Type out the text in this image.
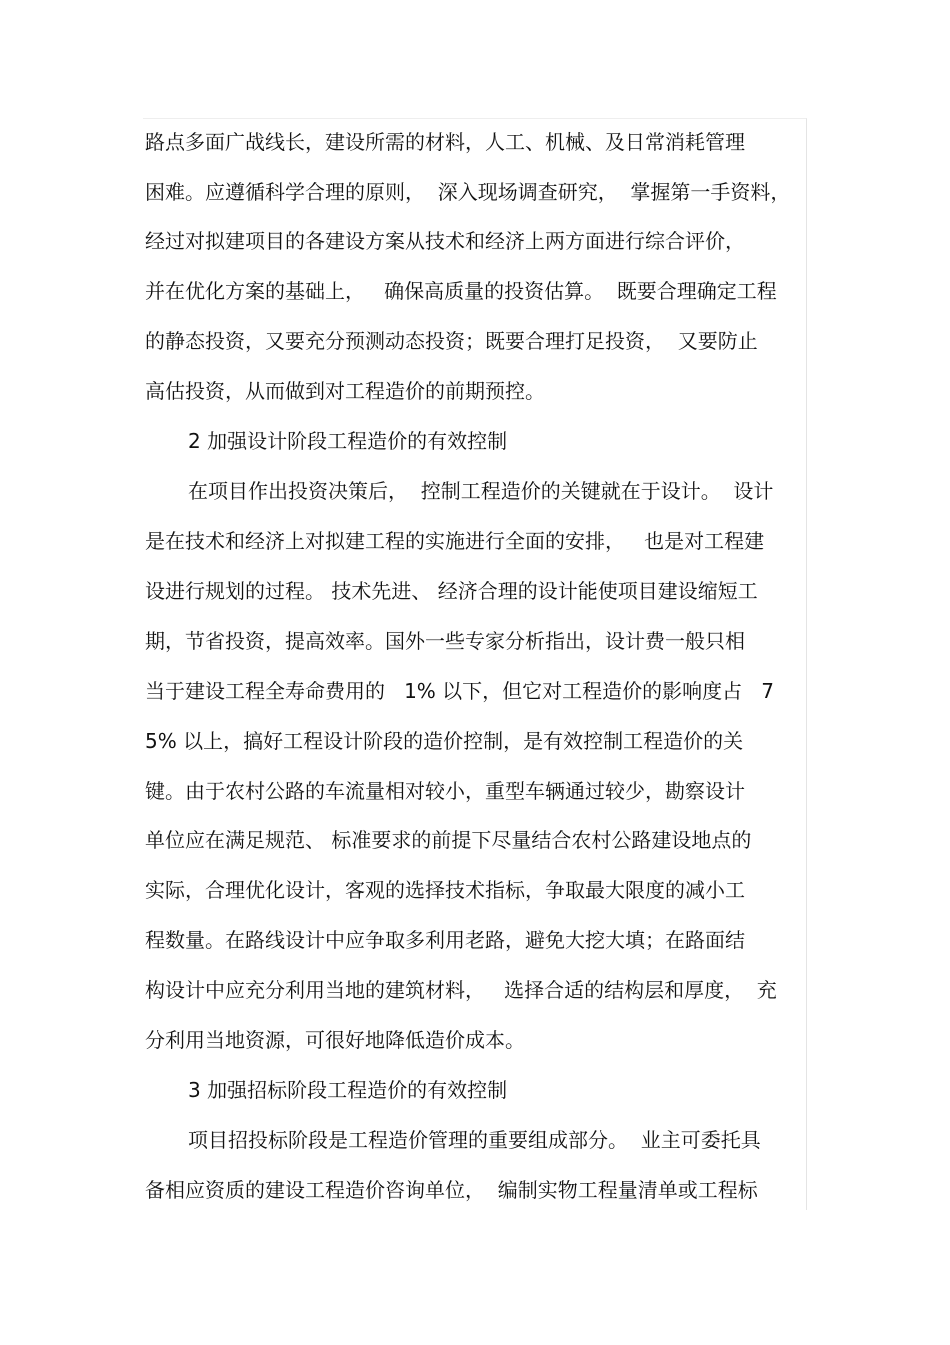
路点多面广战线长，建设所需的材料，人工、机械、及日常消耗管理
困难。应遵循科学合理的原则，  深入现场调查研究，  掌握第一手资料，
经过对拟建项目的各建设方案从技术和经济上两方面进行综合评价，
并在优化方案的基础上，   确保高质量的投资估算。  既要合理确定工程
的静态投资，又要充分预测动态投资；既要合理打足投资，  又要防止
高估投资，从而做到对工程造价的前期预控。
2 加强设计阶段工程造价的有效控制
在项目作出投资决策后，  控制工程造价的关键就在于设计。  设计
是在技术和经济上对拟建工程的实施进行全面的安排，   也是对工程建
设进行规划的过程。 技术先进、 经济合理的设计能使项目建设缩短工
期，节省投资，提高效率。国外一些专家分析指出，设计费一般只相
当于建设工程全寿命费用的   1% 以下，但它对工程造价的影响度占   7
5% 以上，搞好工程设计阶段的造价控制，是有效控制工程造价的关
键。由于农村公路的车流量相对较小，重型车辆通过较少，勘察设计
单位应在满足规范、 标准要求的前提下尽量结合农村公路建设地点的
实际，合理优化设计，客观的选择技术指标，争取最大限度的减小工
程数量。在路线设计中应争取多利用老路，避免大挖大填；在路面结
构设计中应充分利用当地的建筑材料，   选择合适的结构层和厚度，  充
分利用当地资源，可很好地降低造价成本。
3 加强招标阶段工程造价的有效控制
项目招投标阶段是工程造价管理的重要组成部分。  业主可委托具
备相应资质的建设工程造价咨询单位，  编制实物工程量清单或工程标
